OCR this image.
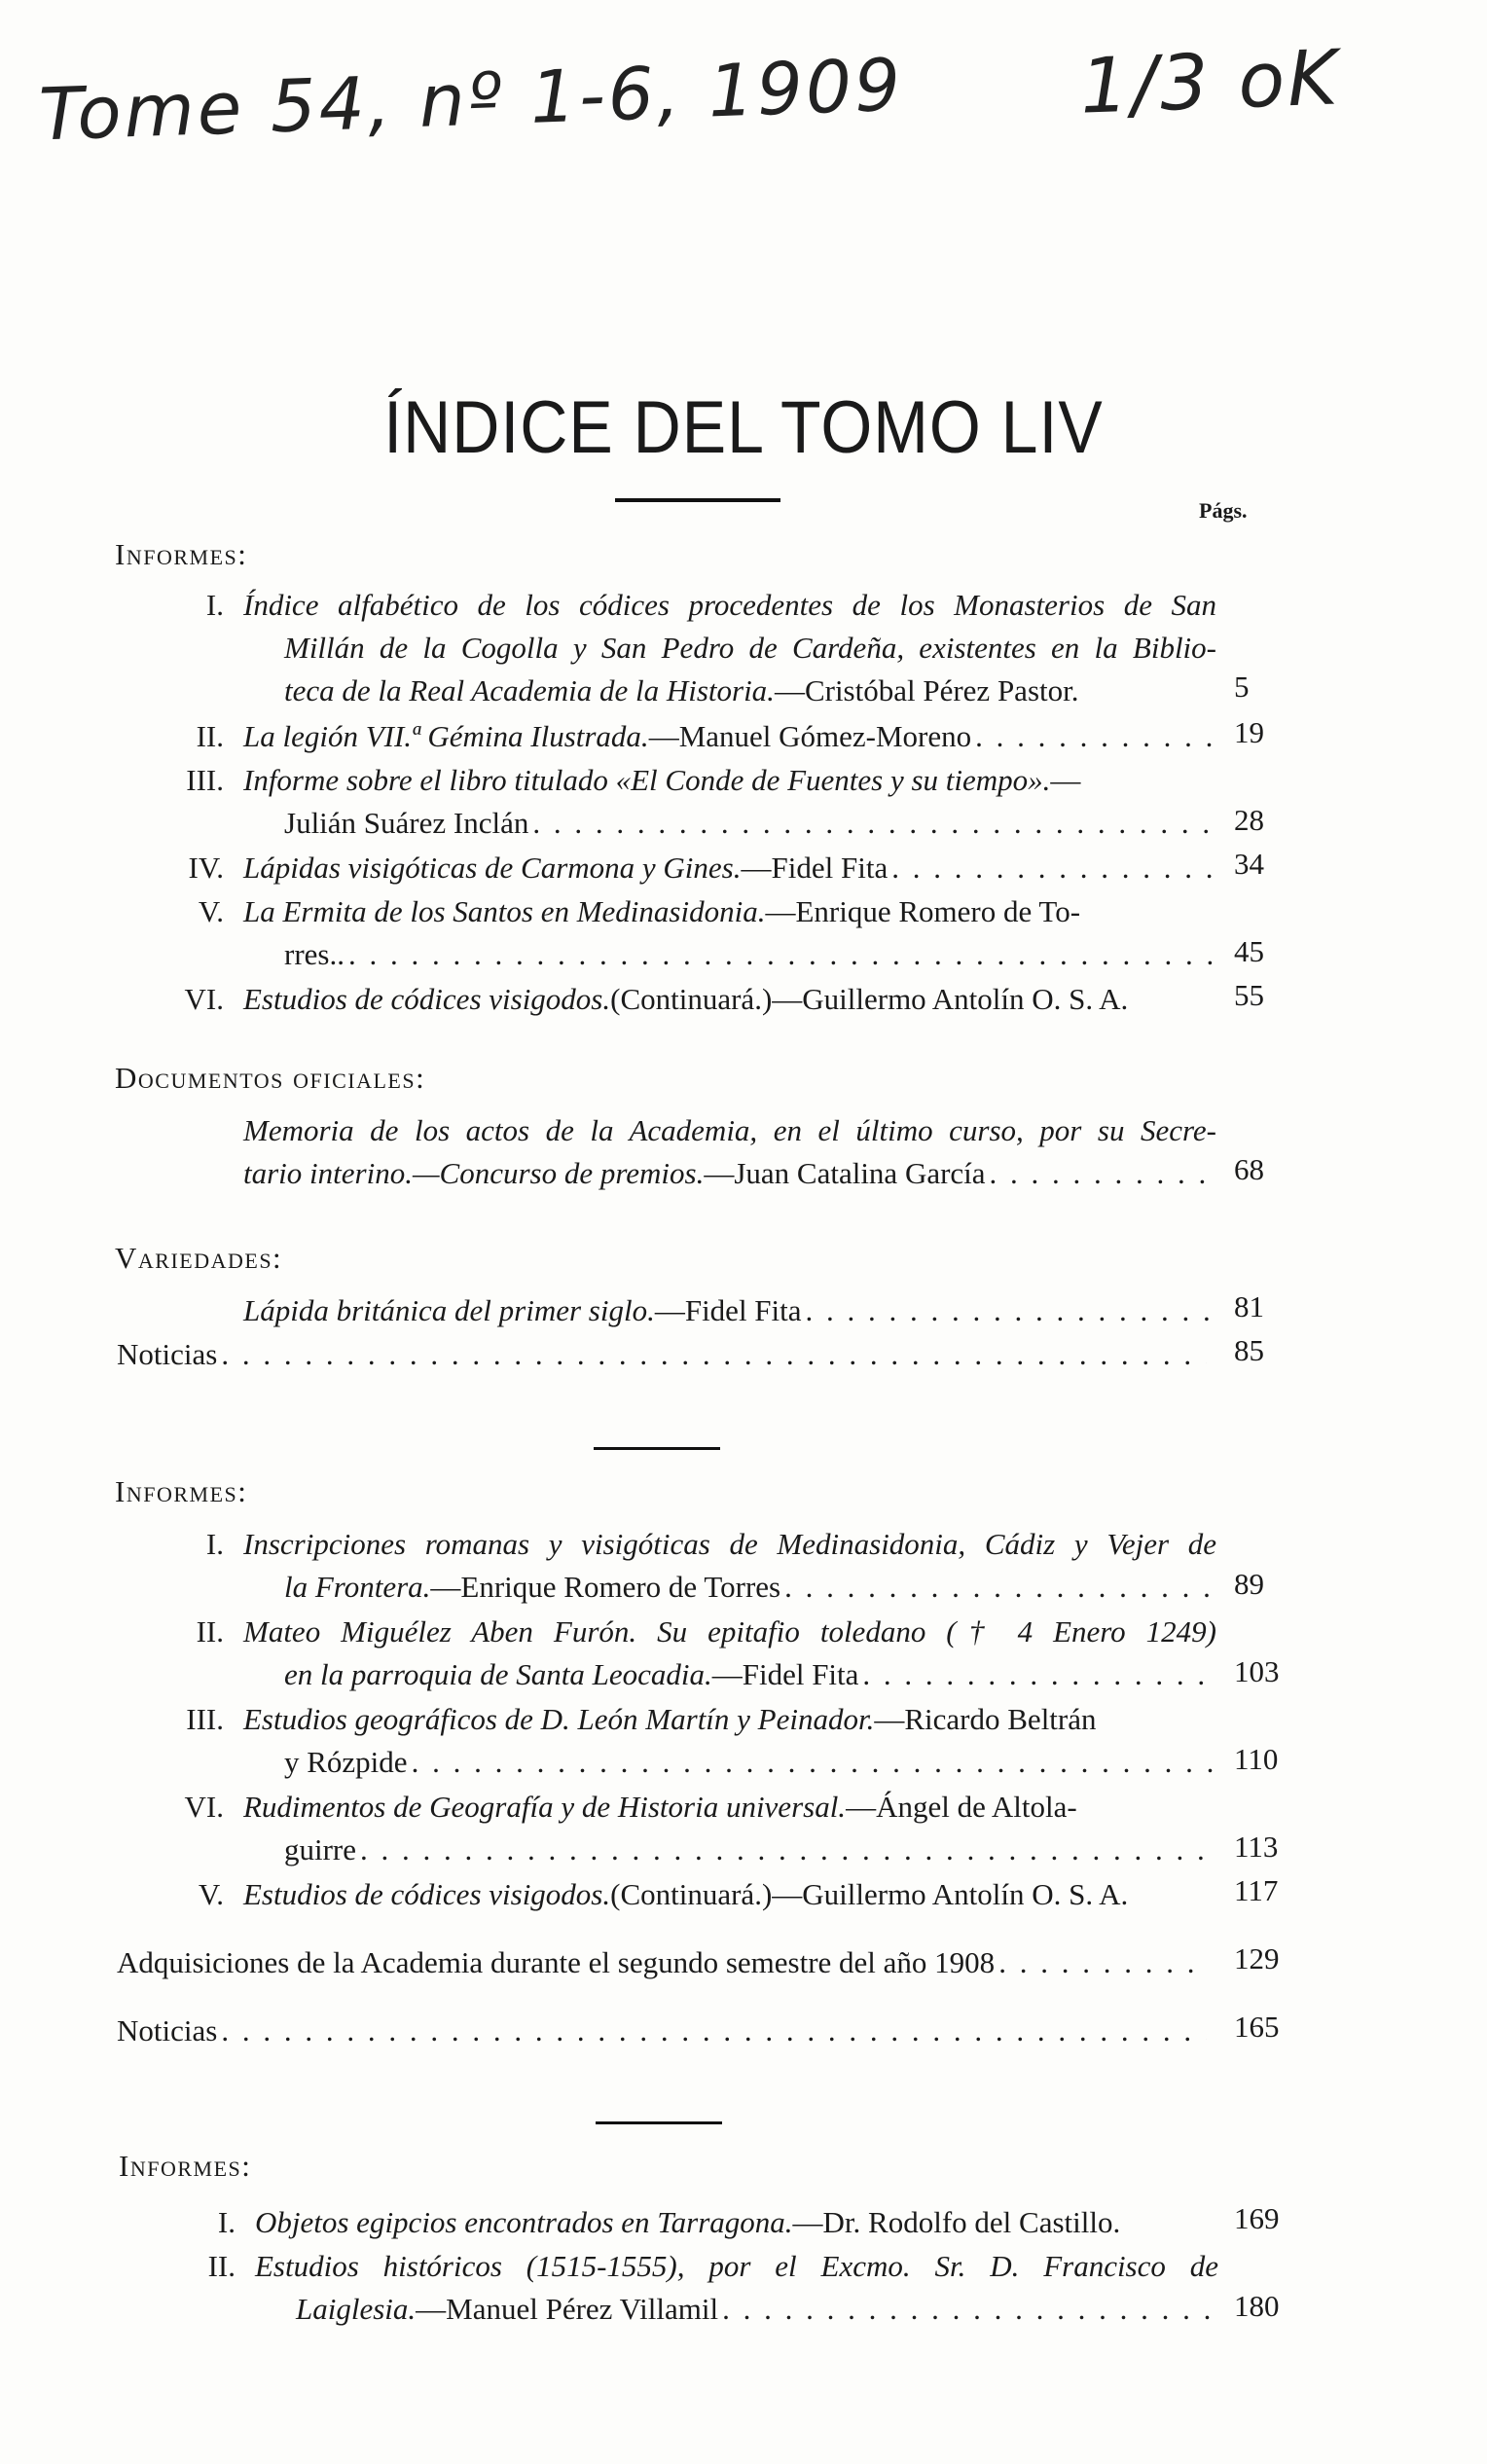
Tome 54, nº 1-6, 1909 1/3 oK
ÍNDICE DEL TOMO LIV
Págs.
Informes:
I . Índice alfabético de los códices procedentes de los Monasterios de San
Millán de la Cogolla y San Pedro de Cardeña, existentes en la Biblio-
teca de la Real Academia de la Historia. —Cristóbal Pérez Pastor.	5
II . La legión VII.ª Gémina Ilustrada. —Manuel Gómez-Moreno . . .	19
III . Informe sobre el libro titulado «El Conde de Fuentes y su tiempo». —
Julián Suárez Inclán . . .	28
IV . Lápidas visigóticas de Carmona y Gines. —Fidel Fita . . .	34
V . La Ermita de los Santos en Medinasidonia. —Enrique Romero de To-
rres.. . . .	45
VI . Estudios de códices visigodos. (Continuará.)—Guillermo Antolín O. S. A.	55
Documentos oficiales:
Memoria de los actos de la Academia, en el último curso, por su Secre-
tario interino.—Concurso de premios. —Juan Catalina García . . .	68
Variedades:
Lápida británica del primer siglo. —Fidel Fita . . .	81
Noticias . . .	85
Informes:
I . Inscripciones romanas y visigóticas de Medinasidonia, Cádiz y Vejer de
la Frontera. —Enrique Romero de Torres . . .	89
II . Mateo Miguélez Aben Furón. Su epitafio toledano († 4 Enero 1249)
en la parroquia de Santa Leocadia. —Fidel Fita . . .	103
III . Estudios geográficos de D. León Martín y Peinador. —Ricardo Beltrán
y Rózpide . . .	110
VI . Rudimentos de Geografía y de Historia universal. —Ángel de Altola-
guirre . . .	113
V . Estudios de códices visigodos. (Continuará.)—Guillermo Antolín O. S. A.	117
Adquisiciones de la Academia durante el segundo semestre del año 1908 . . .	129
Noticias . . .	165
Informes:
I . Objetos egipcios encontrados en Tarragona. —Dr. Rodolfo del Castillo.	169
II . Estudios históricos (1515-1555), por el Excmo. Sr. D. Francisco de
Laiglesia. —Manuel Pérez Villamil . . .	180
